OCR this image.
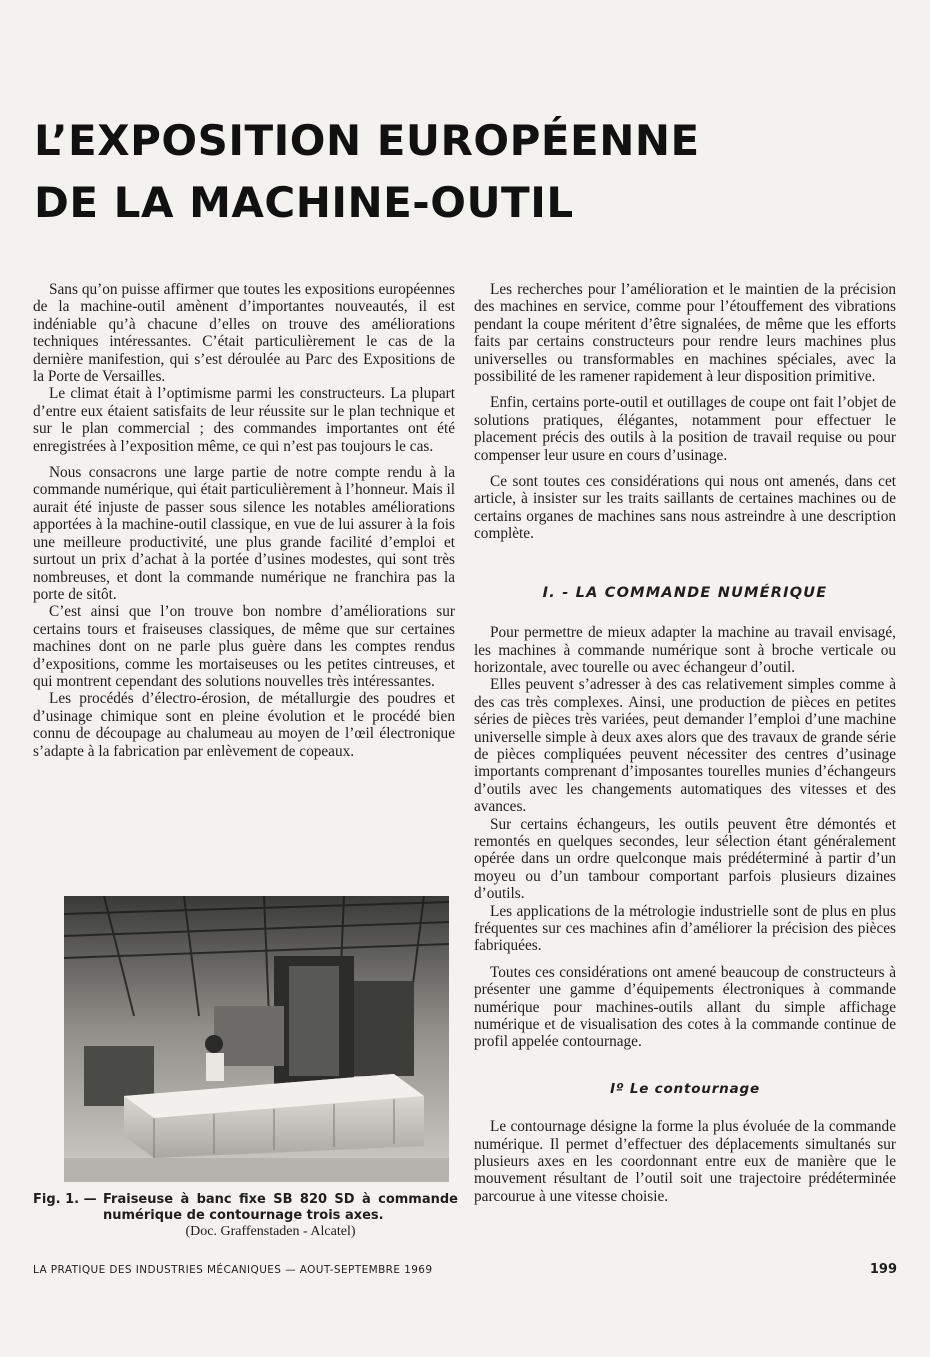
L’EXPOSITION EUROPÉENNE
DE LA MACHINE-OUTIL

Sans qu’on puisse affirmer que toutes les expositions européennes de la machine-outil amènent d’importantes nouveautés, il est indéniable qu’à chacune d’elles on trouve des améliorations techniques intéressantes. C’était particulièrement le cas de la dernière manifestion, qui s’est déroulée au Parc des Expositions de la Porte de Versailles.

Le climat était à l’optimisme parmi les constructeurs. La plupart d’entre eux étaient satisfaits de leur réussite sur le plan technique et sur le plan commercial ; des commandes importantes ont été enregistrées à l’exposition même, ce qui n’est pas toujours le cas.

Nous consacrons une large partie de notre compte rendu à la commande numérique, qui était particulièrement à l’honneur. Mais il aurait été injuste de passer sous silence les notables améliorations apportées à la machine-outil classique, en vue de lui assurer à la fois une meilleure productivité, une plus grande facilité d’emploi et surtout un prix d’achat à la portée d’usines modestes, qui sont très nombreuses, et dont la commande numérique ne franchira pas la porte de sitôt.

C’est ainsi que l’on trouve bon nombre d’améliorations sur certains tours et fraiseuses classiques, de même que sur certaines machines dont on ne parle plus guère dans les comptes rendus d’expositions, comme les mortaiseuses ou les petites cintreuses, et qui montrent cependant des solutions nouvelles très intéressantes.

Les procédés d’électro-érosion, de métallurgie des poudres et d’usinage chimique sont en pleine évolution et le procédé bien connu de découpage au chalumeau au moyen de l’œil électronique s’adapte à la fabrication par enlèvement de copeaux.

Fig. 1. — Fraiseuse à banc fixe SB 820 SD à commande numérique de contournage trois axes.
(Doc. Graffenstaden - Alcatel)

Les recherches pour l’amélioration et le maintien de la précision des machines en service, comme pour l’étouffement des vibrations pendant la coupe méritent d’être signalées, de même que les efforts faits par certains constructeurs pour rendre leurs machines plus universelles ou transformables en machines spéciales, avec la possibilité de les ramener rapidement à leur disposition primitive.

Enfin, certains porte-outil et outillages de coupe ont fait l’objet de solutions pratiques, élégantes, notamment pour effectuer le placement précis des outils à la position de travail requise ou pour compenser leur usure en cours d’usinage.

Ce sont toutes ces considérations qui nous ont amenés, dans cet article, à insister sur les traits saillants de certaines machines ou de certains organes de machines sans nous astreindre à une description complète.

I. - LA COMMANDE NUMÉRIQUE

Pour permettre de mieux adapter la machine au travail envisagé, les machines à commande numérique sont à broche verticale ou horizontale, avec tourelle ou avec échangeur d’outil.

Elles peuvent s’adresser à des cas relativement simples comme à des cas très complexes. Ainsi, une production de pièces en petites séries de pièces très variées, peut demander l’emploi d’une machine universelle simple à deux axes alors que des travaux de grande série de pièces compliquées peuvent nécessiter des centres d’usinage importants comprenant d’imposantes tourelles munies d’échangeurs d’outils avec les changements automatiques des vitesses et des avances.

Sur certains échangeurs, les outils peuvent être démontés et remontés en quelques secondes, leur sélection étant généralement opérée dans un ordre quelconque mais prédéterminé à partir d’un moyeu ou d’un tambour comportant parfois plusieurs dizaines d’outils.

Les applications de la métrologie industrielle sont de plus en plus fréquentes sur ces machines afin d’améliorer la précision des pièces fabriquées.

Toutes ces considérations ont amené beaucoup de constructeurs à présenter une gamme d’équipements électroniques à commande numérique pour machines-outils allant du simple affichage numérique et de visualisation des cotes à la commande continue de profil appelée contournage.

Iº Le contournage

Le contournage désigne la forme la plus évoluée de la commande numérique. Il permet d’effectuer des déplacements simultanés sur plusieurs axes en les coordonnant entre eux de manière que le mouvement résultant de l’outil soit une trajectoire prédéterminée parcourue à une vitesse choisie.

LA PRATIQUE DES INDUSTRIES MÉCANIQUES — AOUT-SEPTEMBRE 1969	199
